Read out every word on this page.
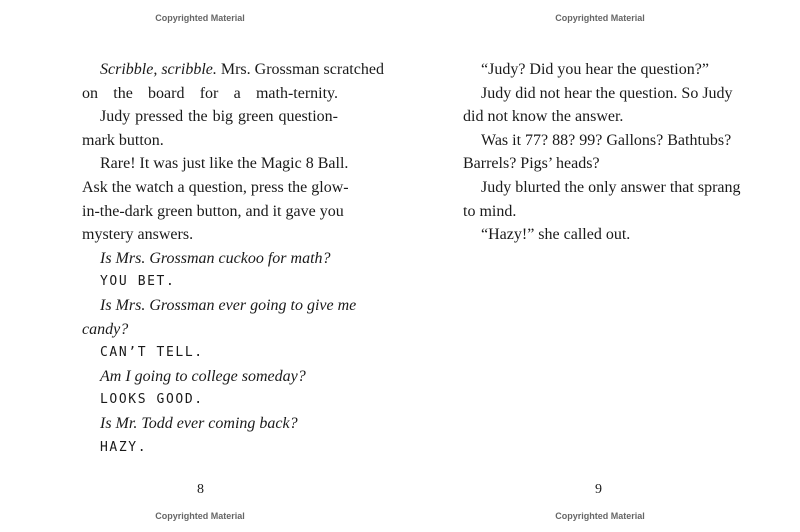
Copyrighted Material
Scribble, scribble. Mrs. Grossman scratched
on the board for a math-ternity.
Judy pressed the big green question-
mark button.
Rare! It was just like the Magic 8 Ball.
Ask the watch a question, press the glow-
in-the-dark green button, and it gave you
mystery answers.
Is Mrs. Grossman cuckoo for math?
YOU BET.
Is Mrs. Grossman ever going to give me
candy?
CAN’T TELL.
Am I going to college someday?
LOOKS GOOD.
Is Mr. Todd ever coming back?
HAZY.
8
Copyrighted Material
Copyrighted Material
“Judy? Did you hear the question?”
Judy did not hear the question. So Judy
did not know the answer.
Was it 77? 88? 99? Gallons? Bathtubs?
Barrels? Pigs’ heads?
Judy blurted the only answer that sprang
to mind.
“Hazy!” she called out.
9
Copyrighted Material
